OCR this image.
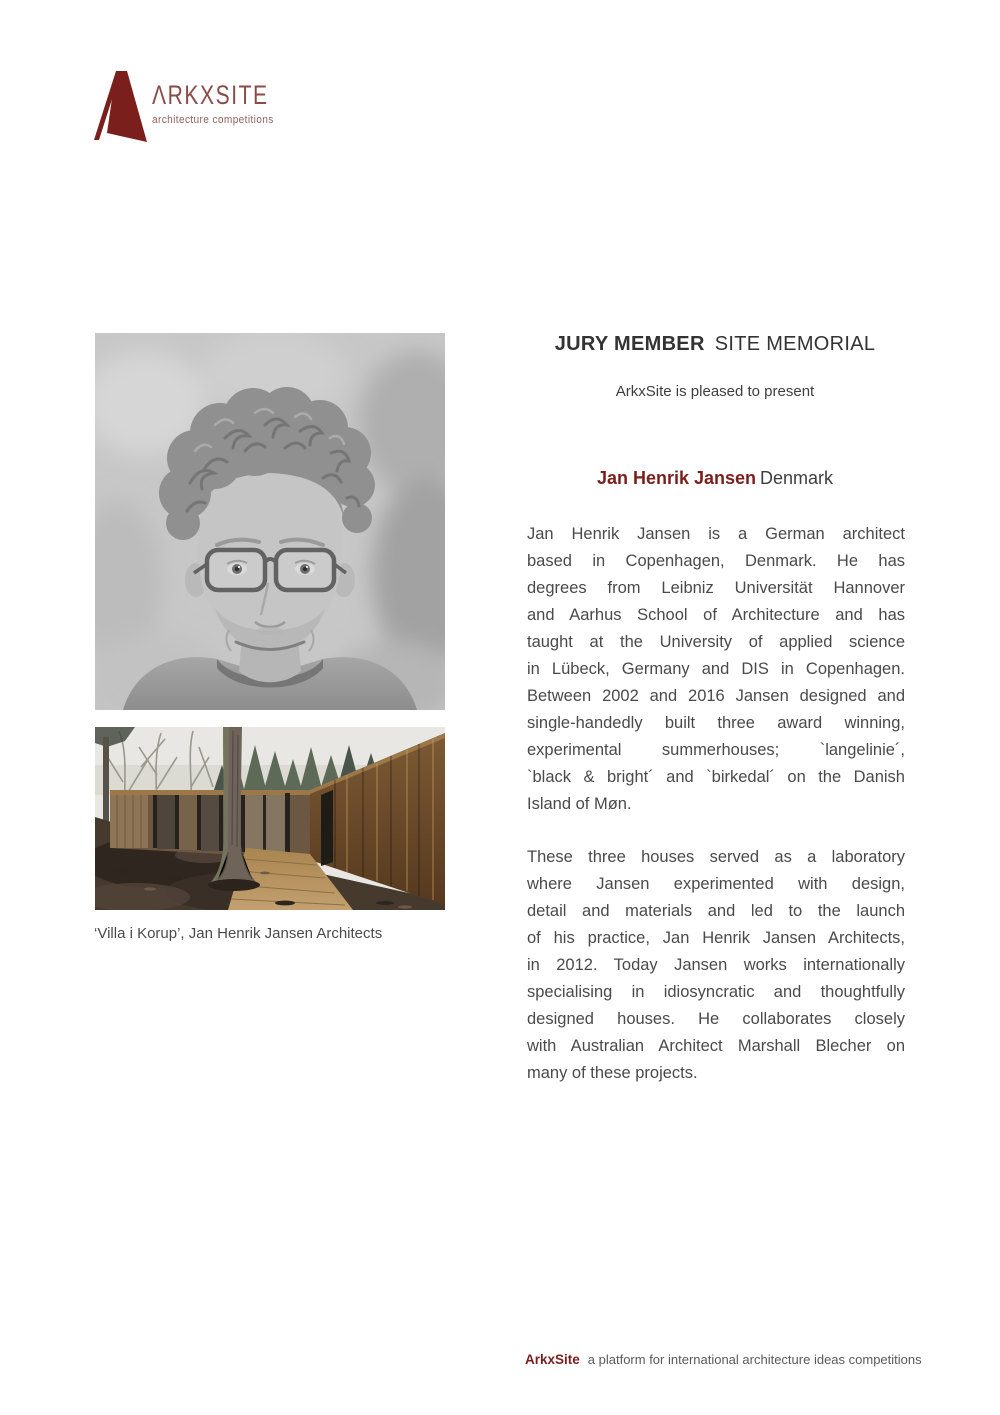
ΛRKXSITE
architecture competitions
‘Villa i Korup’, Jan Henrik Jansen Architects
JURY MEMBER SITE MEMORIAL
ArkxSite is pleased to present
Jan Henrik Jansen Denmark
Jan Henrik Jansen is a German architect
based in Copenhagen, Denmark. He has
degrees from Leibniz Universität Hannover
and Aarhus School of Architecture and has
taught at the University of applied science
in Lübeck, Germany and DIS in Copenhagen.
Between 2002 and 2016 Jansen designed and
single-handedly built three award winning,
experimental summerhouses; `langelinie´,
`black & bright´ and `birkedal´ on the Danish
Island of Møn.
These three houses served as a laboratory
where Jansen experimented with design,
detail and materials and led to the launch
of his practice, Jan Henrik Jansen Architects,
in 2012. Today Jansen works internationally
specialising in idiosyncratic and thoughtfully
designed houses. He collaborates closely
with Australian Architect Marshall Blecher on
many of these projects.
ArkxSite a platform for international architecture ideas competitions
